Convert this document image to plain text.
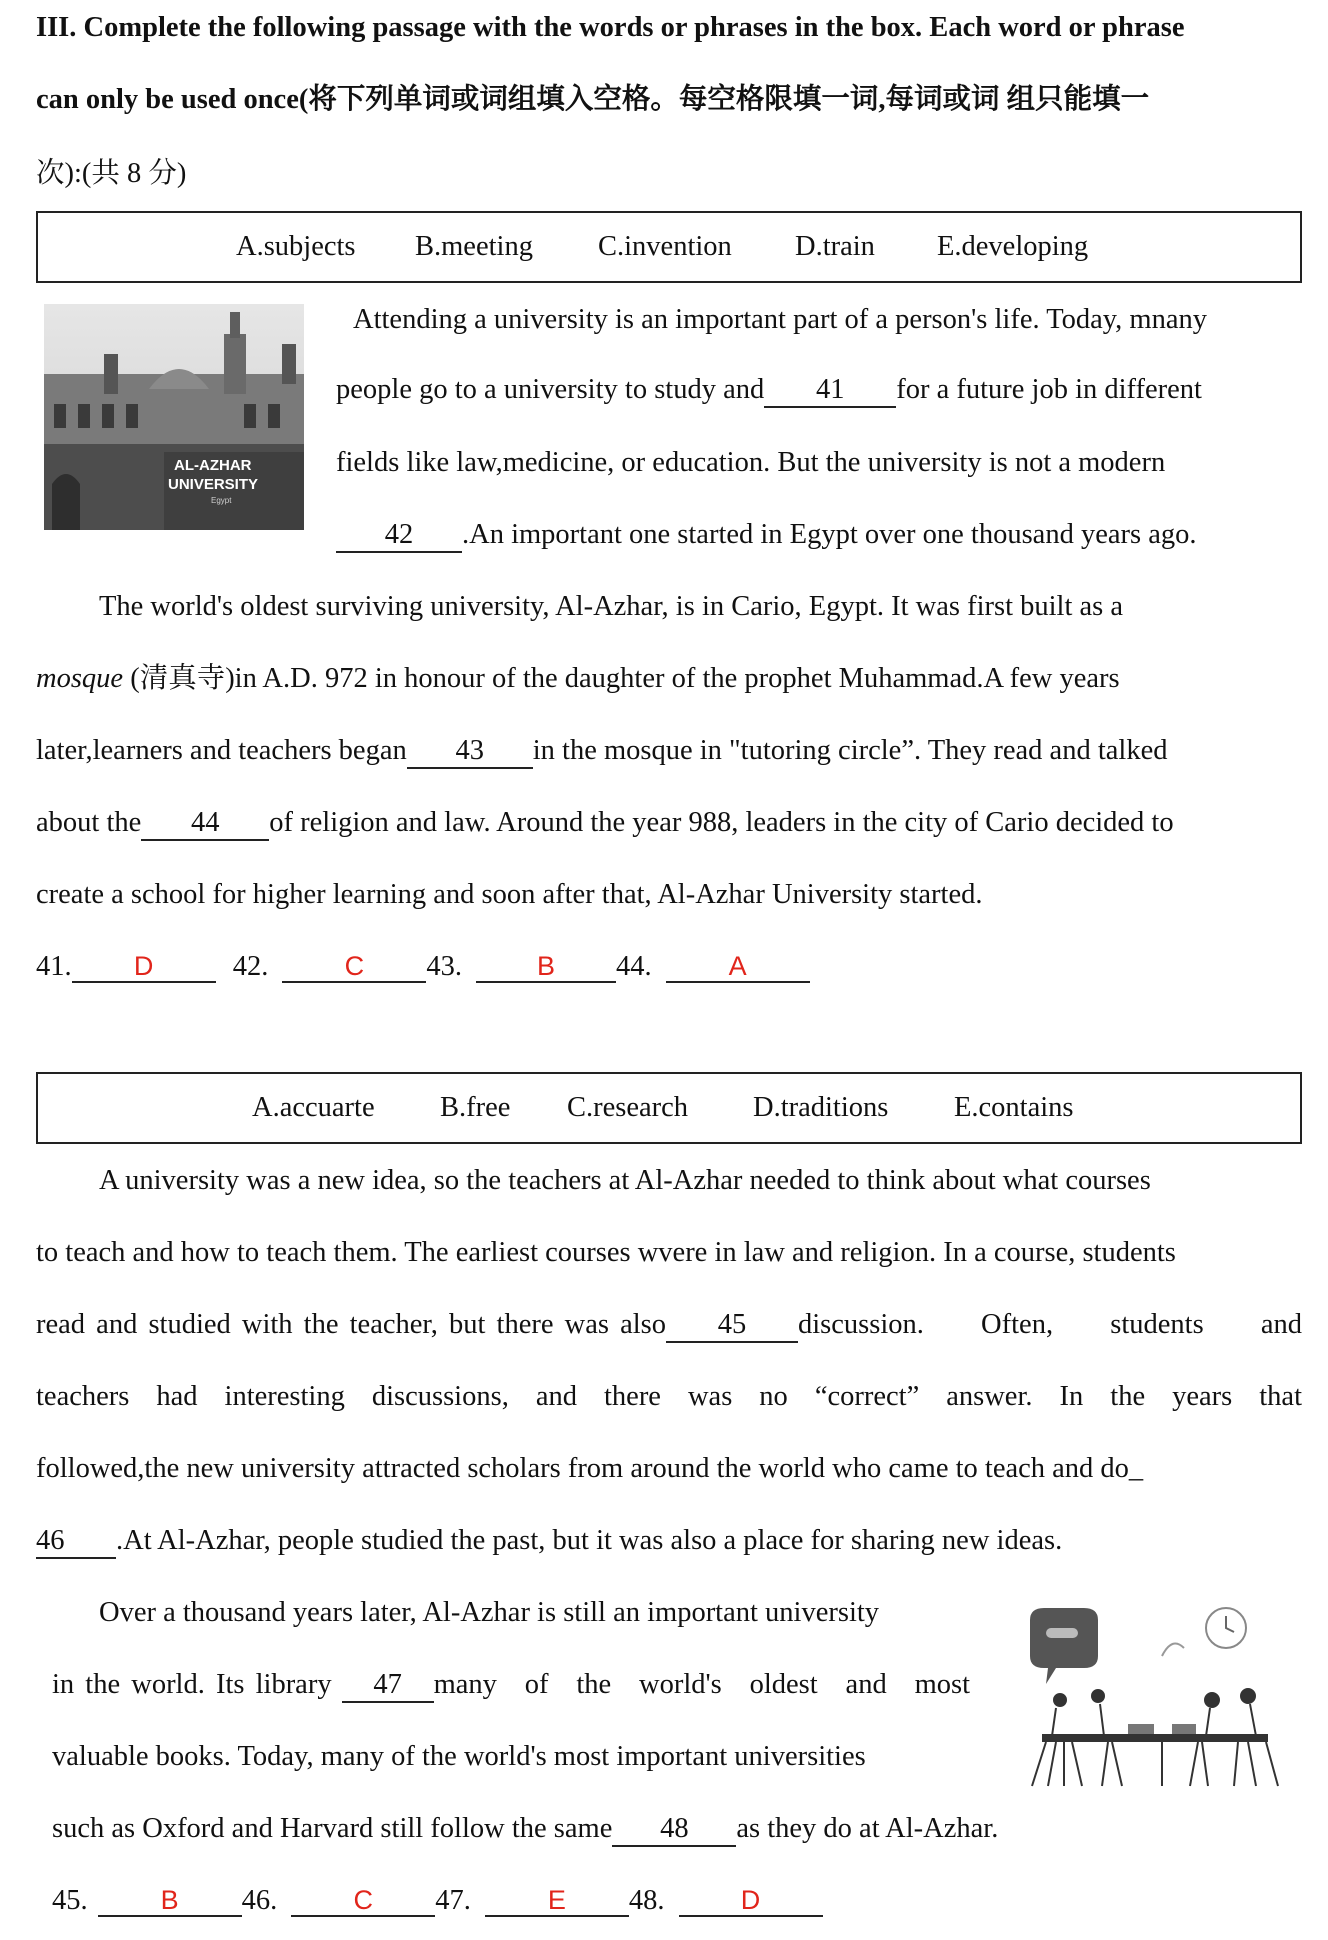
III. Complete the following passage with the words or phrases in the box. Each word or phrase
can only be used once(将下列单词或词组填入空格。每空格限填一词,每词或词 组只能填一
次):(共 8 分)
A.subjects B.meeting C.invention D.train E.developing
AL-AZHAR
UNIVERSITY
Egypt
Attending a university is an important part of a person's life. Today, mnany
people go to a university to study and 41 for a future job in different
fields like law,medicine, or education. But the university is not a modern
42 .An important one started in Egypt over one thousand years ago.
The world's oldest surviving university, Al-Azhar, is in Cario, Egypt. It was first built as a
mosque (清真寺)in A.D. 972 in honour of the daughter of the prophet Muhammad.A few years
later,learners and teachers began 43 in the mosque in "tutoring circle”. They read and talked
about the 44 of religion and law. Around the year 988, leaders in the city of Cario decided to
create a school for higher learning and soon after that, Al-Azhar University started.
41. D	42.	C 43.	B 44.	A
A.accuarte B.free C.research D.traditions E.contains
A university was a new idea, so the teachers at Al-Azhar needed to think about what courses
to teach and how to teach them. The earliest courses wvere in law and religion. In a course, students
read and studied with the teacher, but there was also	45	discussion. Often, students and
teachers had interesting discussions, and there was no “correct” answer. In the years that
followed,the new university attracted scholars from around the world who came to teach and do_
46 .At Al-Azhar, people studied the past, but it was also a place for sharing new ideas.
Over a thousand years later, Al-Azhar is still an important university
in the world. Its library	47	many of the world's oldest and most
valuable books. Today, many of the world's most important universities
such as Oxford and Harvard still follow the same 48 as they do at Al-Azhar.
45.	B 46.	C 47.	E 48.	D
